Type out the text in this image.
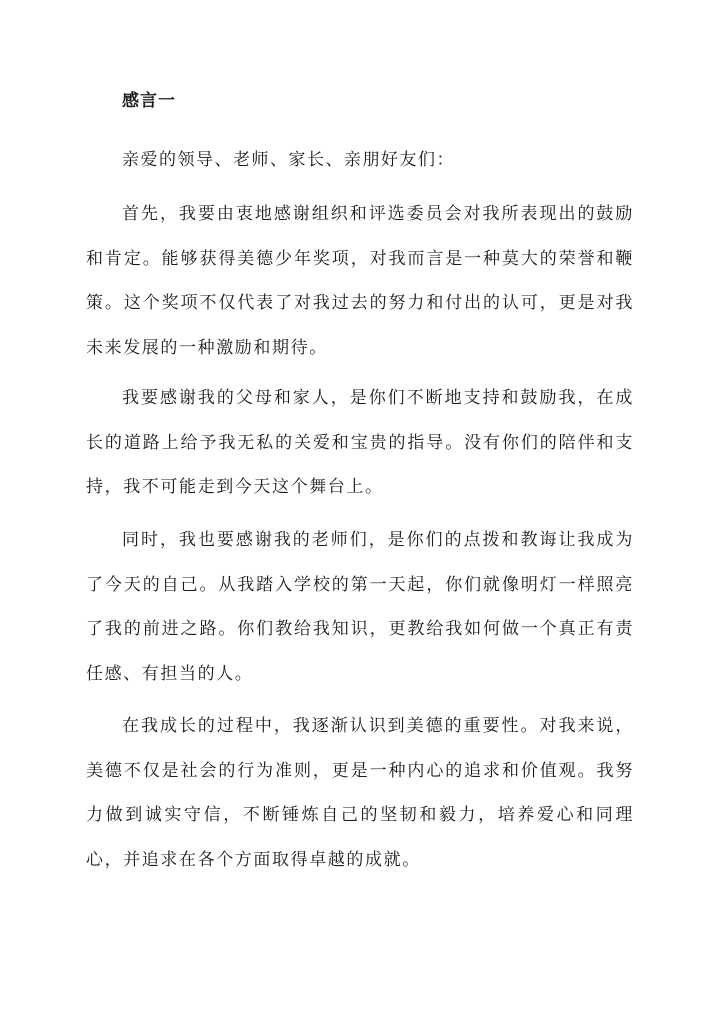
感言一
亲爱的领导、老师、家长、亲朋好友们：

首先，我要由衷地感谢组织和评选委员会对我所表现出的鼓励和肯定。能够获得美德少年奖项，对我而言是一种莫大的荣誉和鞭策。这个奖项不仅代表了对我过去的努力和付出的认可，更是对我未来发展的一种激励和期待。

我要感谢我的父母和家人，是你们不断地支持和鼓励我，在成长的道路上给予我无私的关爱和宝贵的指导。没有你们的陪伴和支持，我不可能走到今天这个舞台上。

同时，我也要感谢我的老师们，是你们的点拨和教诲让我成为了今天的自己。从我踏入学校的第一天起，你们就像明灯一样照亮了我的前进之路。你们教给我知识，更教给我如何做一个真正有责任感、有担当的人。

在我成长的过程中，我逐渐认识到美德的重要性。对我来说，美德不仅是社会的行为准则，更是一种内心的追求和价值观。我努力做到诚实守信，不断锤炼自己的坚韧和毅力，培养爱心和同理心，并追求在各个方面取得卓越的成就。
